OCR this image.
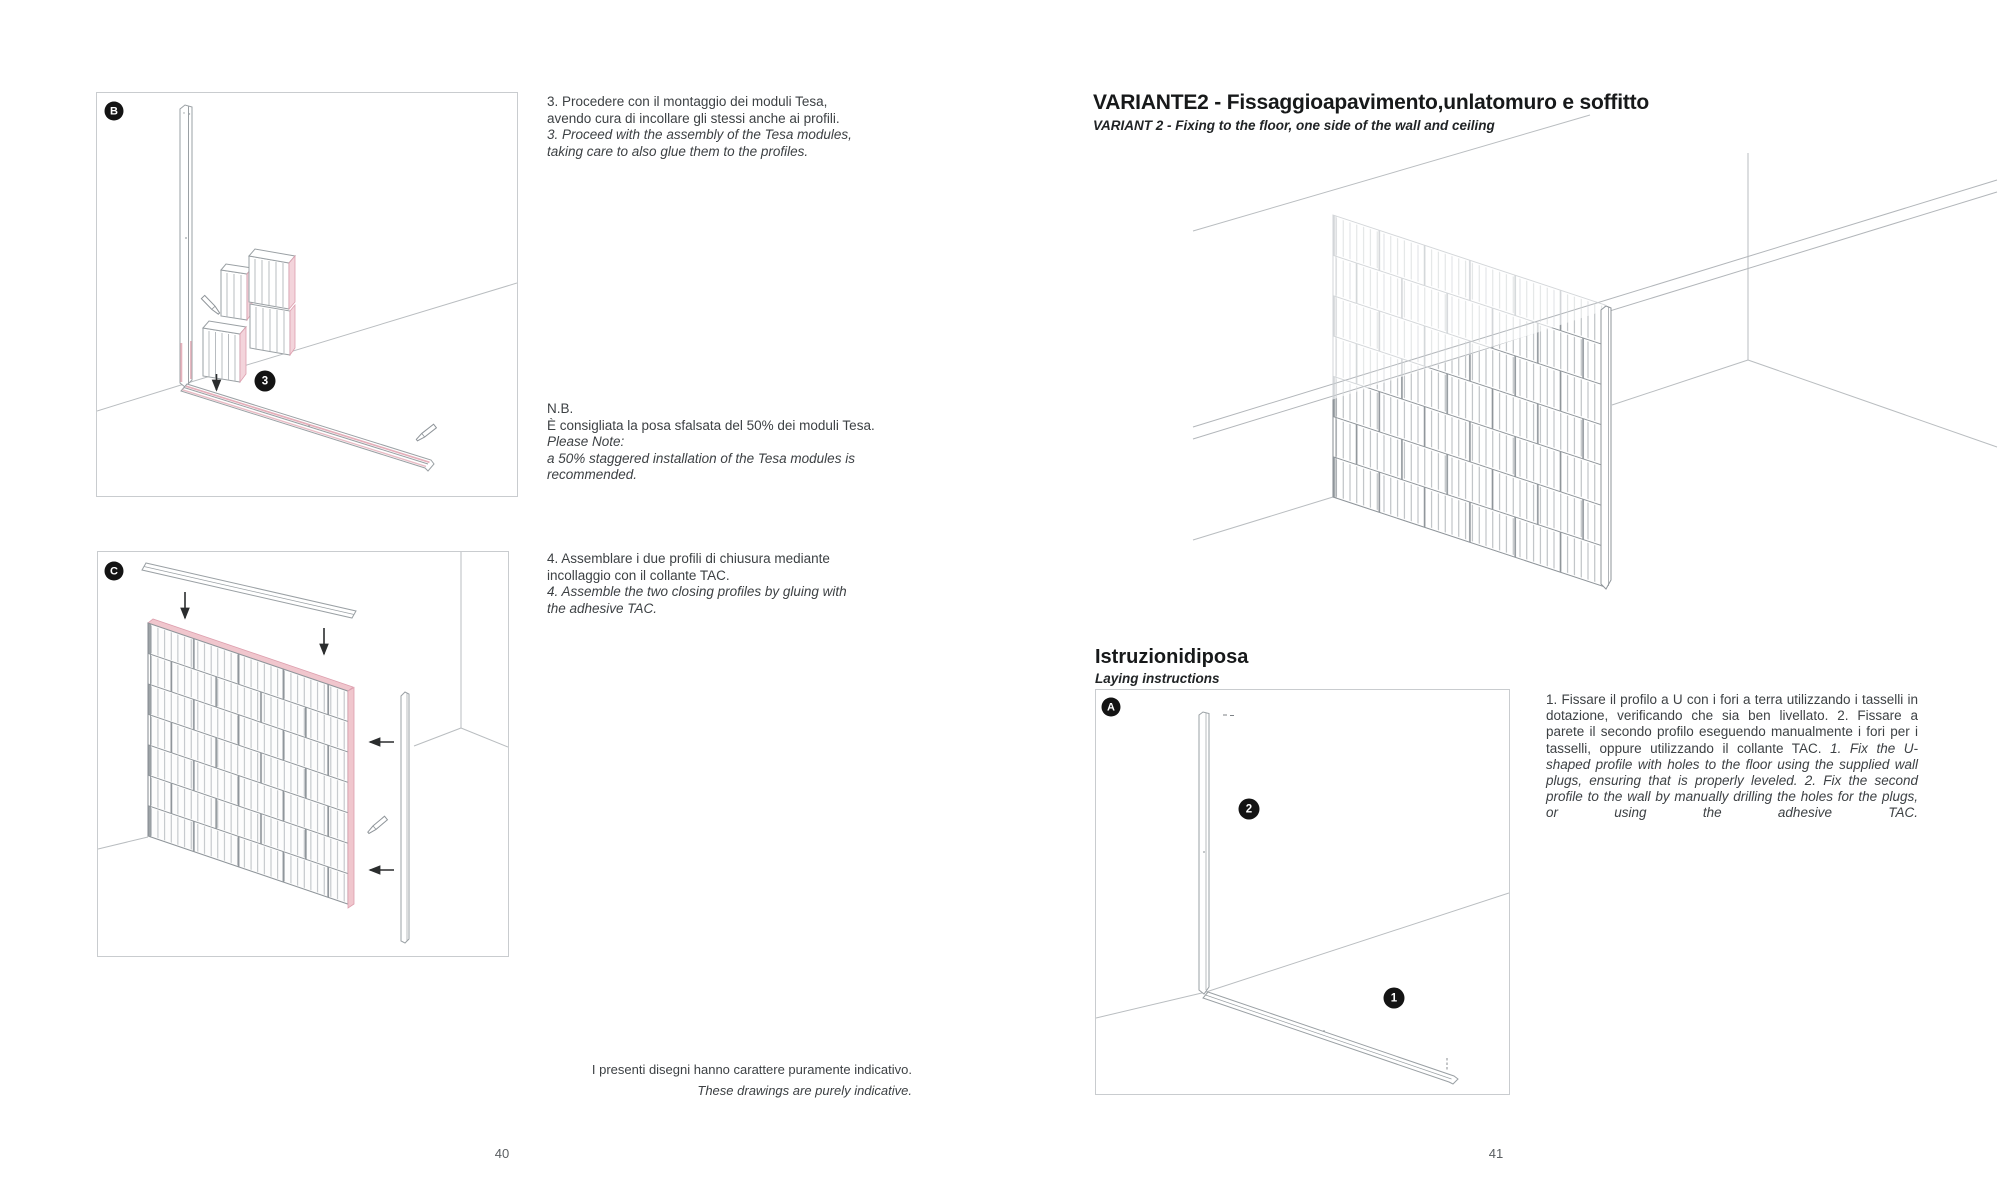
B
3
3. Procedere con il montaggio dei moduli Tesa,
avendo cura di incollare gli stessi anche ai profili.
3. Proceed with the assembly of the Tesa modules,
taking care to also glue them to the profiles.
N.B.
È consigliata la posa sfalsata del 50% dei moduli Tesa.
Please Note:
a 50% staggered installation of the Tesa modules is
recommended.
C
4. Assemblare i due profili di chiusura mediante
incollaggio con il collante TAC.
4. Assemble the two closing profiles by gluing with
the adhesive TAC.
I presenti disegni hanno carattere puramente indicativo.
These drawings are purely indicative.
40
VARIANTE2 - Fissaggioapavimento,unlatomuro e soffitto
VARIANT 2 - Fixing to the floor, one side of the wall and ceiling
Istruzionidiposa
Laying instructions
A
2
1
1. Fissare il profilo a U con i fori a terra utilizzando i tasselli in dotazione, verificando che sia ben livellato. 2. Fissare a parete il secondo profilo eseguendo manualmente i fori per i tasselli, oppure utilizzando il collante TAC. 1. Fix the U-shaped profile with holes to the floor using the supplied wall plugs, ensuring that is properly leveled. 2. Fix the second profile to the wall by manually drilling the holes for the plugs, or using the adhesive TAC.
41
